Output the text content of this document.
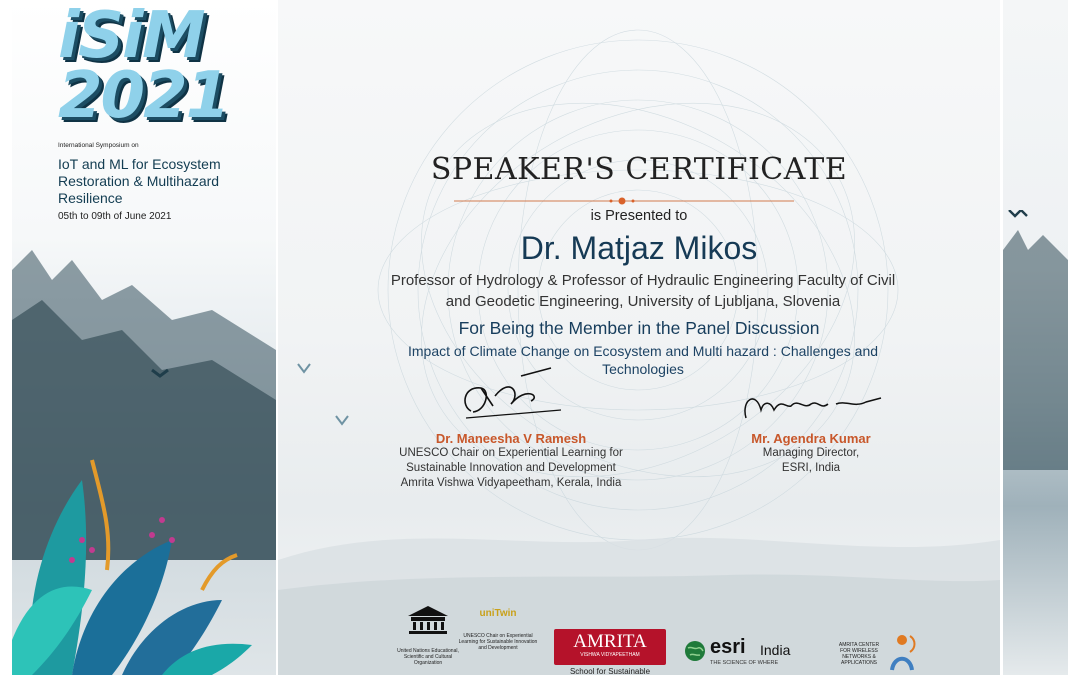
iSiM
2021
International Symposium on
IoT and ML for Ecosystem Restoration & Multihazard Resilience
05th to 09th of June 2021
SPEAKER'S CERTIFICATE
is Presented to
Dr. Matjaz Mikos
Professor of Hydrology & Professor of Hydraulic Engineering Faculty of Civil and Geodetic Engineering, University of Ljubljana, Slovenia
For Being the Member in the Panel Discussion
Impact of Climate Change on Ecosystem and Multi hazard : Challenges and Technologies
Dr. Maneesha V Ramesh
UNESCO Chair on Experiential Learning for
Sustainable Innovation and Development
Amrita Vishwa Vidyapeetham, Kerala, India
Mr. Agendra Kumar
Managing Director,
ESRI, India
United Nations Educational, Scientific and Cultural Organization
uniTwin
UNESCO Chair on Experiential Learning for Sustainable Innovation and Development	AMRITA
VISHWA VIDYAPEETHAM
School for Sustainable
esri India
THE SCIENCE OF WHERE
AMRITA CENTER FOR WIRELESS NETWORKS & APPLICATIONS
